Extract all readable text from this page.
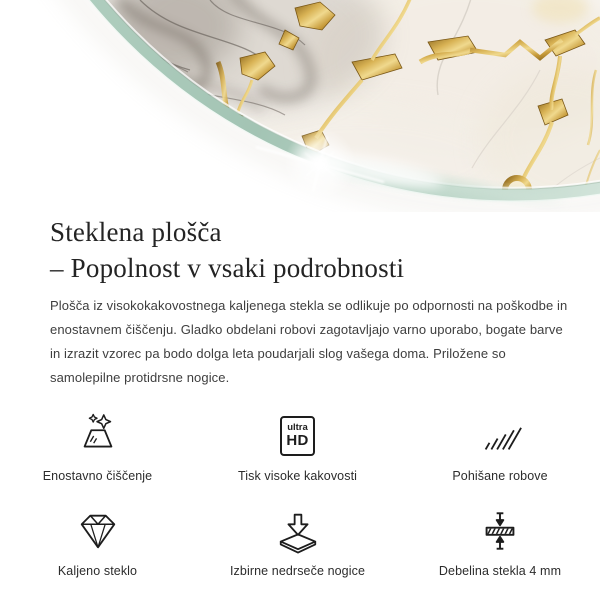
Steklena plošča
– Popolnost v vsaki podrobnosti

Plošča iz visokokakovostnega kaljenega stekla se odlikuje po odpornosti na poškodbe in enostavnem čiščenju. Gladko obdelani robovi zagotavljajo varno uporabo, bogate barve in izrazit vzorec pa bodo dolga leta poudarjali slog vašega doma. Priložene so samolepilne protidrsne nogice.

Enostavno čiščenje
ultra
HD
Tisk visoke kakovosti	Pohišane robove
Kaljeno steklo	Izbirne nedrseče nogice	Debelina stekla 4 mm
